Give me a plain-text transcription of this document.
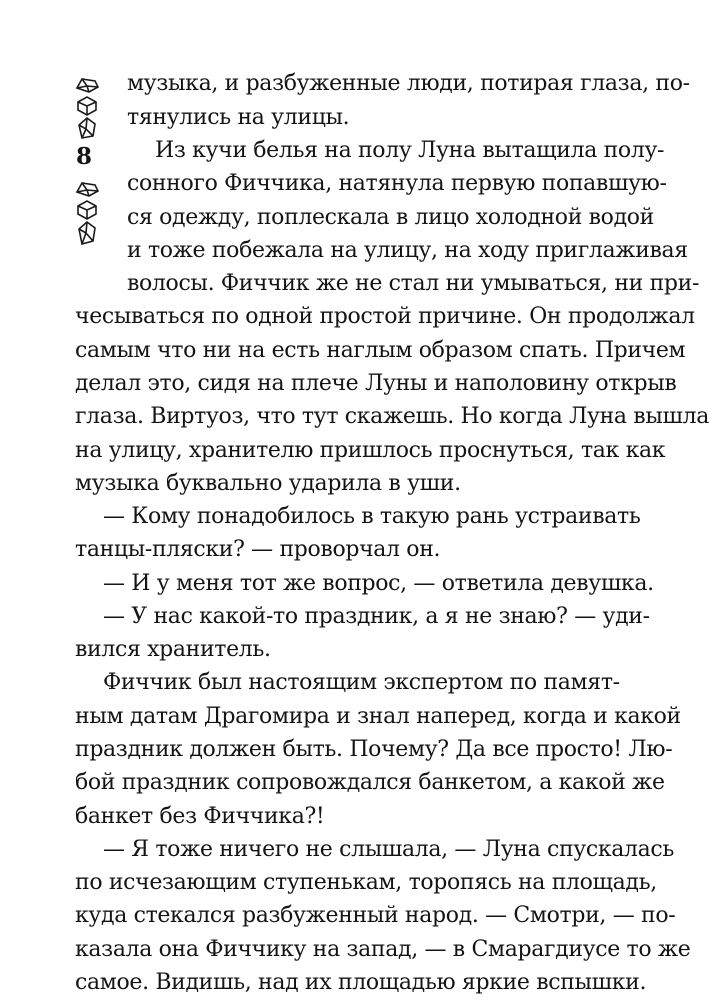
8
музыка, и разбуженные люди, потирая глаза, по-
тянулись на улицы.
Из кучи белья на полу Луна вытащила полу-
сонного Фиччика, натянула первую попавшую-
ся одежду, поплескала в лицо холодной водой
и тоже побежала на улицу, на ходу приглаживая
волосы. Фиччик же не стал ни умываться, ни при-
чесываться по одной простой причине. Он продолжал
самым что ни на есть наглым образом спать. Причем
делал это, сидя на плече Луны и наполовину открыв
глаза. Виртуоз, что тут скажешь. Но когда Луна вышла
на улицу, хранителю пришлось проснуться, так как
музыка буквально ударила в уши.
— Кому понадобилось в такую рань устраивать
танцы-пляски? — проворчал он.
— И у меня тот же вопрос, — ответила девушка.
— У нас какой-то праздник, а я не знаю? — уди-
вился хранитель.
Фиччик был настоящим экспертом по памят-
ным датам Драгомира и знал наперед, когда и какой
праздник должен быть. Почему? Да все просто! Лю-
бой праздник сопровождался банкетом, а какой же
банкет без Фиччика?!
— Я тоже ничего не слышала, — Луна спускалась
по исчезающим ступенькам, торопясь на площадь,
куда стекался разбуженный народ. — Смотри, — по-
казала она Фиччику на запад, — в Смарагдиусе то же
самое. Видишь, над их площадью яркие вспышки.
